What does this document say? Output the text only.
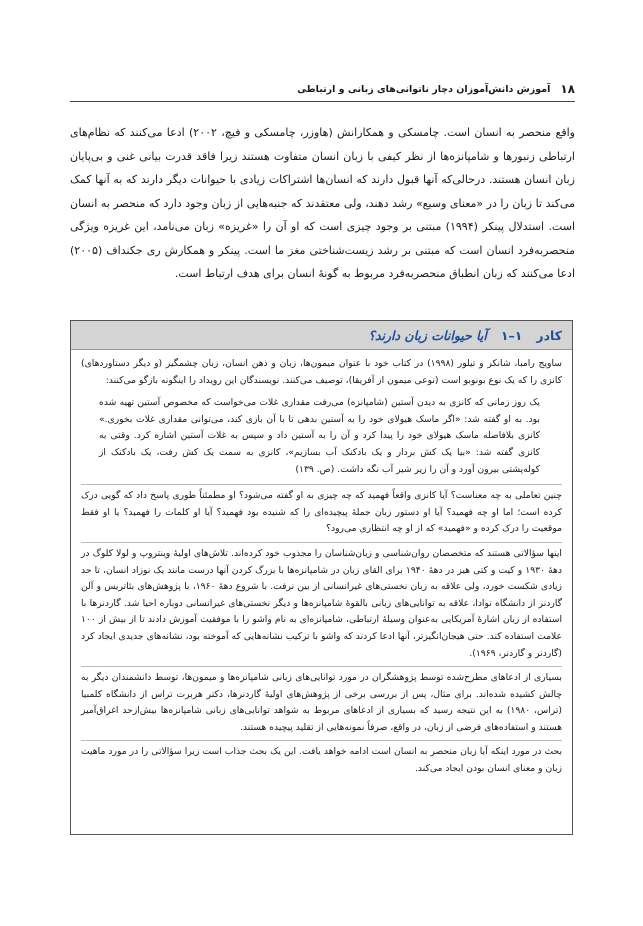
۱۸
آموزش دانش‌آموزان دچار ناتوانی‌های زبانی و ارتباطی

واقع منحصر به انسان است. چامسکی و همکارانش (هاوزر، چامسکی و فیچ، ۲۰۰۲) ادعا می‌کنند که نظام‌های ارتباطی زنبورها و شامپانزه‌ها از نظر کیفی با زبان انسان متفاوت هستند زیرا فاقد قدرت بیانی غنی و بی‌پایان زبان انسان هستند. درحالی‌که آنها قبول دارند که انسان‌ها اشتراکات زیادی با حیوانات دیگر دارند که به آنها کمک می‌کند تا زبان را در «معنای وسیع» رشد دهند، ولی معتقدند که جنبه‌هایی از زبان وجود دارد که منحصر به انسان است. استدلال پینکر (۱۹۹۴) مبتنی بر وجود چیزی است که او آن را «غریزه» زبان می‌نامد، این غریزه ویژگی منحصربه‌فرد انسان است که مبتنی بر رشد زیست‌شناختی مغز ما است. پینکر و همکارش ری جکنداف (۲۰۰۵) ادعا می‌کنند که زبان انطباق منحصربه‌فرد مربوط به گونهٔ انسان برای هدف ارتباط است.

کادر
۱–۱
آیا حیوانات زبان دارند؟

ساویج رامبا، شانکر و تیلور (۱۹۹۸) در کتاب خود با عنوان میمون‌ها، زبان و ذهن انسان، زبان چشمگیر (و دیگر دستاوردهای) کانزی را که یک نوع بونوبو است (نوعی میمون از آفریقا)، توصیف می‌کنند. نویسندگان این رویداد را اینگونه بازگو می‌کنند:

یک روز زمانی که کانزی به دیدن آستین (شامپانزه) می‌رفت مقداری غلات می‌خواست که مخصوص آستین تهیه شده بود. به او گفته شد: «اگر ماسک هیولای خود را به آستین بدهی تا با آن بازی کند، می‌توانی مقداری غلات بخوری.» کانزی بلافاصله ماسک هیولای خود را پیدا کرد و آن را به آستین داد و سپس به غلات آستین اشاره کرد. وقتی به کانزی گفته شد: «بیا یک کش بردار و یک بادکنک آب بسازیم»، کانزی به سمت یک کش رفت، یک بادکنک از کوله‌پشتی بیرون آورد و آن را زیر شیر آب نگه داشت. (ص. ۱۳۹)

چنین تعاملی به چه معناست؟ آیا کانزی واقعاً فهمید که چه چیزی به او گفته می‌شود؟ او مطمئناً طوری پاسخ داد که گویی درک کرده است؛ اما او چه فهمید؟ آیا او دستور زبان جملهٔ پیچیده‌ای را که شنیده بود فهمید؟ آیا او کلمات را فهمید؟ یا او فقط موقعیت را درک کرده و «فهمید» که از او چه انتظاری می‌رود؟

اینها سؤالاتی هستند که متخصصان روان‌شناسی و زبان‌شناسان را مجذوب خود کرده‌اند. تلاش‌های اولیهٔ وینتروپ و لولا کلوگ در دههٔ ۱۹۳۰ و کیت و کتی هیز در دههٔ ۱۹۴۰ برای القای زبان در شامپانزه‌ها با بزرگ کردن آنها درست مانند یک نوزاد انسان، تا حد زیادی شکست خورد، ولی علاقه به زبان نخستی‌های غیرانسانی از بین نرفت. با شروع دههٔ ۱۹۶۰، با پژوهش‌های بئاتریس و آلن گاردنر از دانشگاه نوادا، علاقه به توانایی‌های زبانی بالقوهٔ شامپانزه‌ها و دیگر نخستی‌های غیرانسانی دوباره احیا شد. گاردنرها با استفاده از زبان اشارهٔ آمریکایی به‌عنوان وسیلهٔ ارتباطی، شامپانزه‌ای به نام واشو را با موفقیت آموزش دادند تا از بیش از ۱۰۰ علامت استفاده کند. حتی هیجان‌انگیزتر، آنها ادعا کردند که واشو با ترکیب نشانه‌هایی که آموخته بود، نشانه‌های جدیدی ایجاد کرد (گاردنر و گاردنر، ۱۹۶۹).

بسیاری از ادعاهای مطرح‌شده توسط پژوهشگران در مورد توانایی‌های زبانی شامپانزه‌ها و میمون‌ها، توسط دانشمندان دیگر به چالش کشیده شده‌اند. برای مثال، پس از بررسی برخی از پژوهش‌های اولیهٔ گاردنرها، دکتر هربرت تراس از دانشگاه کلمبیا (تراس، ۱۹۸۰) به این نتیجه رسید که بسیاری از ادعاهای مربوط به شواهد توانایی‌های زبانی شامپانزه‌ها بیش‌ازحد اغراق‌آمیز هستند و استفاده‌های فرضی از زبان، در واقع، صرفاً نمونه‌هایی از تقلید پیچیده هستند.

بحث در مورد اینکه آیا زبان منحصر به انسان است ادامه خواهد یافت. این یک بحث جذاب است زیرا سؤالاتی را در مورد ماهیت زبان و معنای انسان بودن ایجاد می‌کند.
